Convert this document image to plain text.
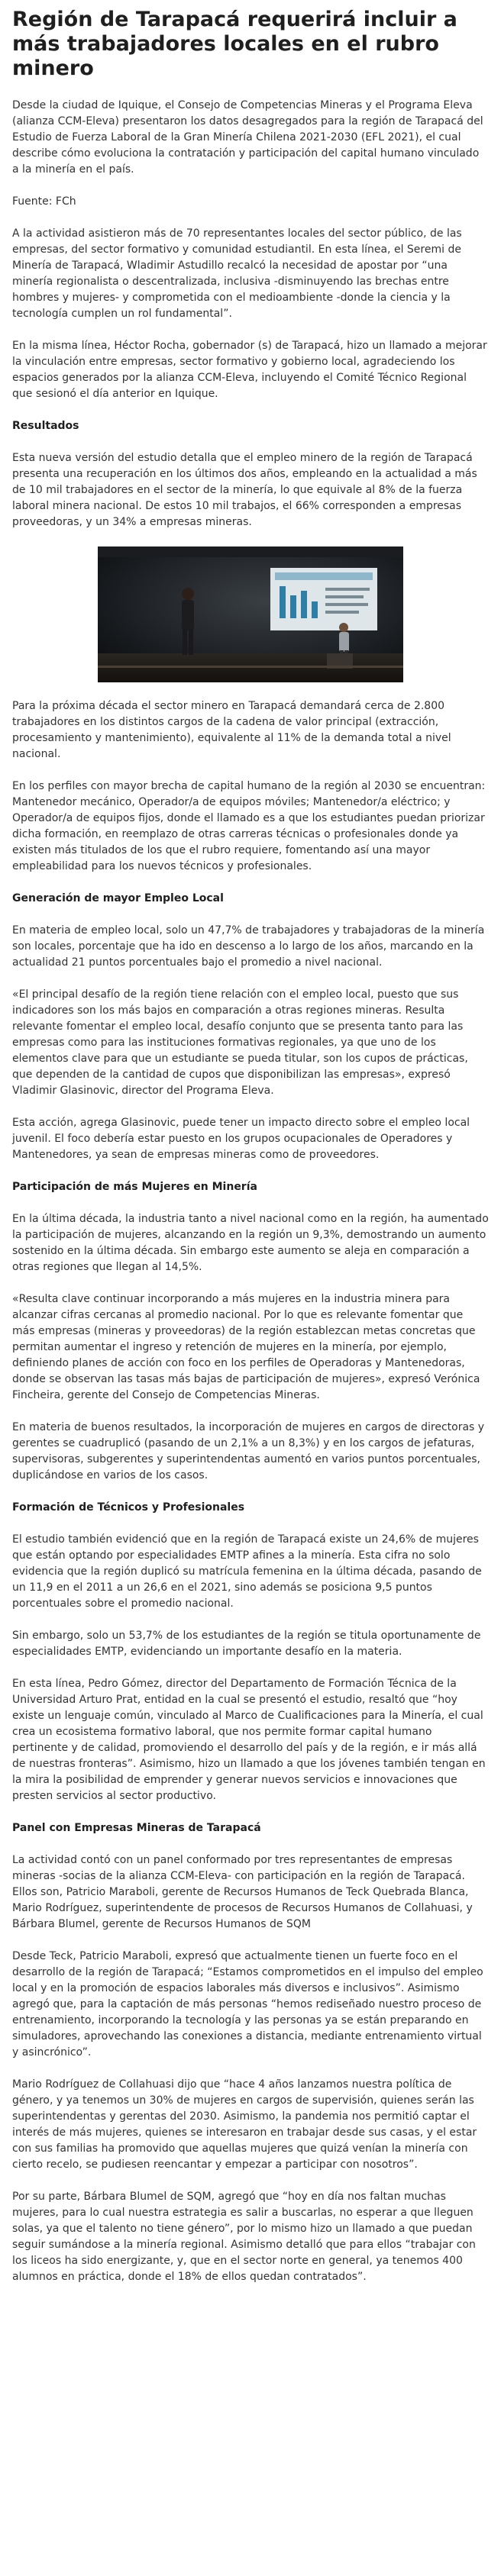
Región de Tarapacá requerirá incluir a más trabajadores locales en el rubro minero

Desde la ciudad de Iquique, el Consejo de Competencias Mineras y el Programa Eleva (alianza CCM-Eleva) presentaron los datos desagregados para la región de Tarapacá del Estudio de Fuerza Laboral de la Gran Minería Chilena 2021-2030 (EFL 2021), el cual describe cómo evoluciona la contratación y participación del capital humano vinculado a la minería en el país.

Fuente: FCh

A la actividad asistieron más de 70 representantes locales del sector público, de las empresas, del sector formativo y comunidad estudiantil. En esta línea, el Seremi de Minería de Tarapacá, Wladimir Astudillo recalcó la necesidad de apostar por “una minería regionalista o descentralizada, inclusiva -disminuyendo las brechas entre hombres y mujeres- y comprometida con el medioambiente -donde la ciencia y la tecnología cumplen un rol fundamental”.

En la misma línea, Héctor Rocha, gobernador (s) de Tarapacá, hizo un llamado a mejorar la vinculación entre empresas, sector formativo y gobierno local, agradeciendo los espacios generados por la alianza CCM-Eleva, incluyendo el Comité Técnico Regional que sesionó el día anterior en Iquique.

Resultados

Esta nueva versión del estudio detalla que el empleo minero de la región de Tarapacá presenta una recuperación en los últimos dos años, empleando en la actualidad a más de 10 mil trabajadores en el sector de la minería, lo que equivale al 8% de la fuerza laboral minera nacional. De estos 10 mil trabajos, el 66% corresponden a empresas proveedoras, y un 34% a empresas mineras.

Para la próxima década el sector minero en Tarapacá demandará cerca de 2.800 trabajadores en los distintos cargos de la cadena de valor principal (extracción, procesamiento y mantenimiento), equivalente al 11% de la demanda total a nivel nacional.

En los perfiles con mayor brecha de capital humano de la región al 2030 se encuentran: Mantenedor mecánico, Operador/a de equipos móviles; Mantenedor/a eléctrico; y Operador/a de equipos fijos, donde el llamado es a que los estudiantes puedan priorizar dicha formación, en reemplazo de otras carreras técnicas o profesionales donde ya existen más titulados de los que el rubro requiere, fomentando así una mayor empleabilidad para los nuevos técnicos y profesionales.

Generación de mayor Empleo Local

En materia de empleo local, solo un 47,7% de trabajadores y trabajadoras de la minería son locales, porcentaje que ha ido en descenso a lo largo de los años, marcando en la actualidad 21 puntos porcentuales bajo el promedio a nivel nacional.

«El principal desafío de la región tiene relación con el empleo local, puesto que sus indicadores son los más bajos en comparación a otras regiones mineras. Resulta relevante fomentar el empleo local, desafío conjunto que se presenta tanto para las empresas como para las instituciones formativas regionales, ya que uno de los elementos clave para que un estudiante se pueda titular, son los cupos de prácticas, que dependen de la cantidad de cupos que disponibilizan las empresas», expresó Vladimir Glasinovic, director del Programa Eleva.

Esta acción, agrega Glasinovic, puede tener un impacto directo sobre el empleo local juvenil. El foco debería estar puesto en los grupos ocupacionales de Operadores y Mantenedores, ya sean de empresas mineras como de proveedores.

Participación de más Mujeres en Minería

En la última década, la industria tanto a nivel nacional como en la región, ha aumentado la participación de mujeres, alcanzando en la región un 9,3%, demostrando un aumento sostenido en la última década. Sin embargo este aumento se aleja en comparación a otras regiones que llegan al 14,5%.

«Resulta clave continuar incorporando a más mujeres en la industria minera para alcanzar cifras cercanas al promedio nacional. Por lo que es relevante fomentar que más empresas (mineras y proveedoras) de la región establezcan metas concretas que permitan aumentar el ingreso y retención de mujeres en la minería, por ejemplo, definiendo planes de acción con foco en los perfiles de Operadoras y Mantenedoras, donde se observan las tasas más bajas de participación de mujeres», expresó Verónica Fincheira, gerente del Consejo de Competencias Mineras.

En materia de buenos resultados, la incorporación de mujeres en cargos de directoras y gerentes se cuadruplicó (pasando de un 2,1% a un 8,3%) y en los cargos de jefaturas, supervisoras, subgerentes y superintendentas aumentó en varios puntos porcentuales, duplicándose en varios de los casos.

Formación de Técnicos y Profesionales

El estudio también evidenció que en la región de Tarapacá existe un 24,6% de mujeres que están optando por especialidades EMTP afines a la minería. Esta cifra no solo evidencia que la región duplicó su matrícula femenina en la última década, pasando de un 11,9 en el 2011 a un 26,6 en el 2021, sino además se posiciona 9,5 puntos porcentuales sobre el promedio nacional.

Sin embargo, solo un 53,7% de los estudiantes de la región se titula oportunamente de especialidades EMTP, evidenciando un importante desafío en la materia.

En esta línea, Pedro Gómez, director del Departamento de Formación Técnica de la Universidad Arturo Prat, entidad en la cual se presentó el estudio, resaltó que “hoy existe un lenguaje común, vinculado al Marco de Cualificaciones para la Minería, el cual crea un ecosistema formativo laboral, que nos permite formar capital humano pertinente y de calidad, promoviendo el desarrollo del país y de la región, e ir más allá de nuestras fronteras”. Asimismo, hizo un llamado a que los jóvenes también tengan en la mira la posibilidad de emprender y generar nuevos servicios e innovaciones que presten servicios al sector productivo.

Panel con Empresas Mineras de Tarapacá

La actividad contó con un panel conformado por tres representantes de empresas mineras -socias de la alianza CCM-Eleva- con participación en la región de Tarapacá. Ellos son, Patricio Maraboli, gerente de Recursos Humanos de Teck Quebrada Blanca, Mario Rodríguez, superintendente de procesos de Recursos Humanos de Collahuasi, y Bárbara Blumel, gerente de Recursos Humanos de SQM

Desde Teck, Patricio Maraboli, expresó que actualmente tienen un fuerte foco en el desarrollo de la región de Tarapacá; “Estamos comprometidos en el impulso del empleo local y en la promoción de espacios laborales más diversos e inclusivos”. Asimismo agregó que, para la captación de más personas “hemos rediseñado nuestro proceso de entrenamiento, incorporando la tecnología y las personas ya se están preparando en simuladores, aprovechando las conexiones a distancia, mediante entrenamiento virtual y asincrónico”.

Mario Rodríguez de Collahuasi dijo que “hace 4 años lanzamos nuestra política de género, y ya tenemos un 30% de mujeres en cargos de supervisión, quienes serán las superintendentas y gerentas del 2030. Asimismo, la pandemia nos permitió captar el interés de más mujeres, quienes se interesaron en trabajar desde sus casas, y el estar con sus familias ha promovido que aquellas mujeres que quizá venían la minería con cierto recelo, se pudiesen reencantar y empezar a participar con nosotros”.

Por su parte, Bárbara Blumel de SQM, agregó que “hoy en día nos faltan muchas mujeres, para lo cual nuestra estrategia es salir a buscarlas, no esperar a que lleguen solas, ya que el talento no tiene género”, por lo mismo hizo un llamado a que puedan seguir sumándose a la minería regional. Asimismo detalló que para ellos “trabajar con los liceos ha sido energizante, y, que en el sector norte en general, ya tenemos 400 alumnos en práctica, donde el 18% de ellos quedan contratados”.
